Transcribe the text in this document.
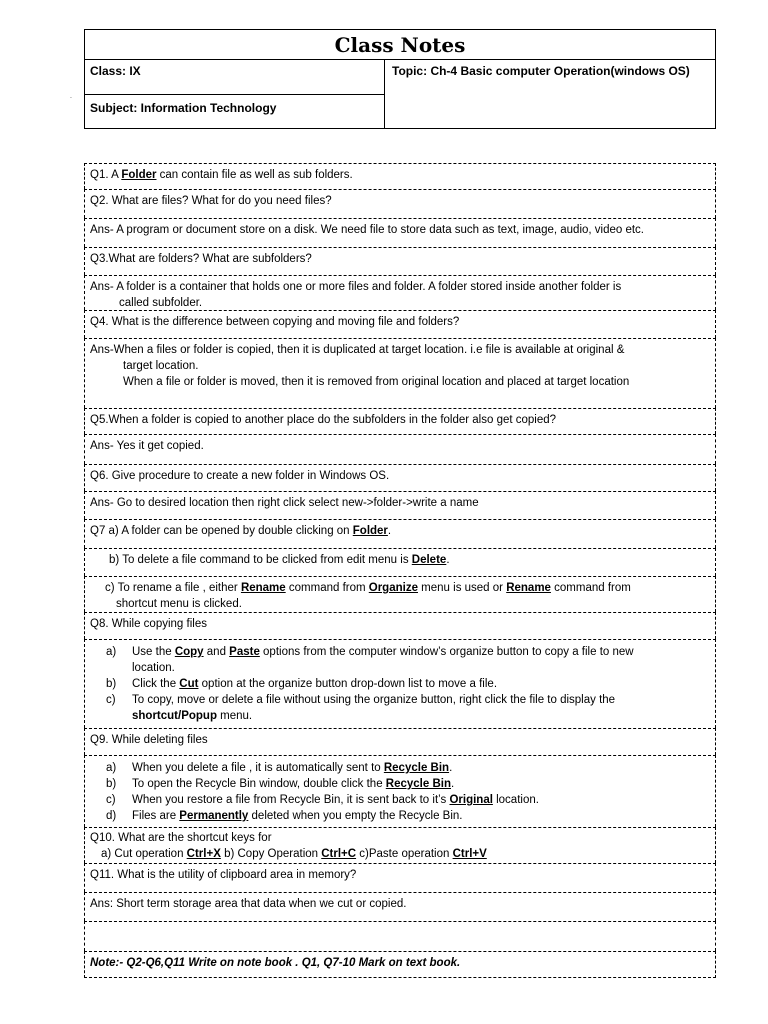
Class Notes
Class: IX
Subject: Information Technology
Topic: Ch-4 Basic computer Operation(windows OS)
.
Q1. A Folder can contain file as well as sub folders.
Q2. What are files? What for do you need files?
Ans- A program or document store on a disk. We need file to store data such as text, image, audio, video etc.
Q3.What are folders? What are subfolders?
Ans- A folder is a container that holds one or more files and folder. A folder stored inside another folder is
called subfolder.
Q4. What is the difference between copying and moving file and folders?
Ans-When a files or folder is copied, then it is duplicated at target location. i.e file is available at original &
target location.
When a file or folder is moved, then it is removed from original location and placed at target location
Q5.When a folder is copied to another place do the subfolders in the folder also get copied?
Ans- Yes it get copied.
Q6. Give procedure to create a new folder in Windows OS.
Ans- Go to desired location then right click select new->folder->write a name
Q7 a) A folder can be opened by double clicking on Folder.
b) To delete a file command to be clicked from edit menu is Delete.
c) To rename a file , either Rename command from Organize menu is used or Rename command from
shortcut menu is clicked.
Q8. While copying files
a) Use the Copy and Paste options from the computer window’s organize button to copy a file to new
location.
b) Click the Cut option at the organize button drop-down list to move a file.
c) To copy, move or delete a file without using the organize button, right click the file to display the
shortcut/Popup menu.
Q9. While deleting files
a) When you delete a file , it is automatically sent to Recycle Bin.
b) To open the Recycle Bin window, double click the Recycle Bin.
c) When you restore a file from Recycle Bin, it is sent back to it’s Original location.
d) Files are Permanently deleted when you empty the Recycle Bin.
Q10. What are the shortcut keys for
a) Cut operation Ctrl+X b) Copy Operation Ctrl+C c)Paste operation Ctrl+V
Q11. What is the utility of clipboard area in memory?
Ans: Short term storage area that data when we cut or copied.
Note:- Q2-Q6,Q11 Write on note book . Q1, Q7-10 Mark on text book.
